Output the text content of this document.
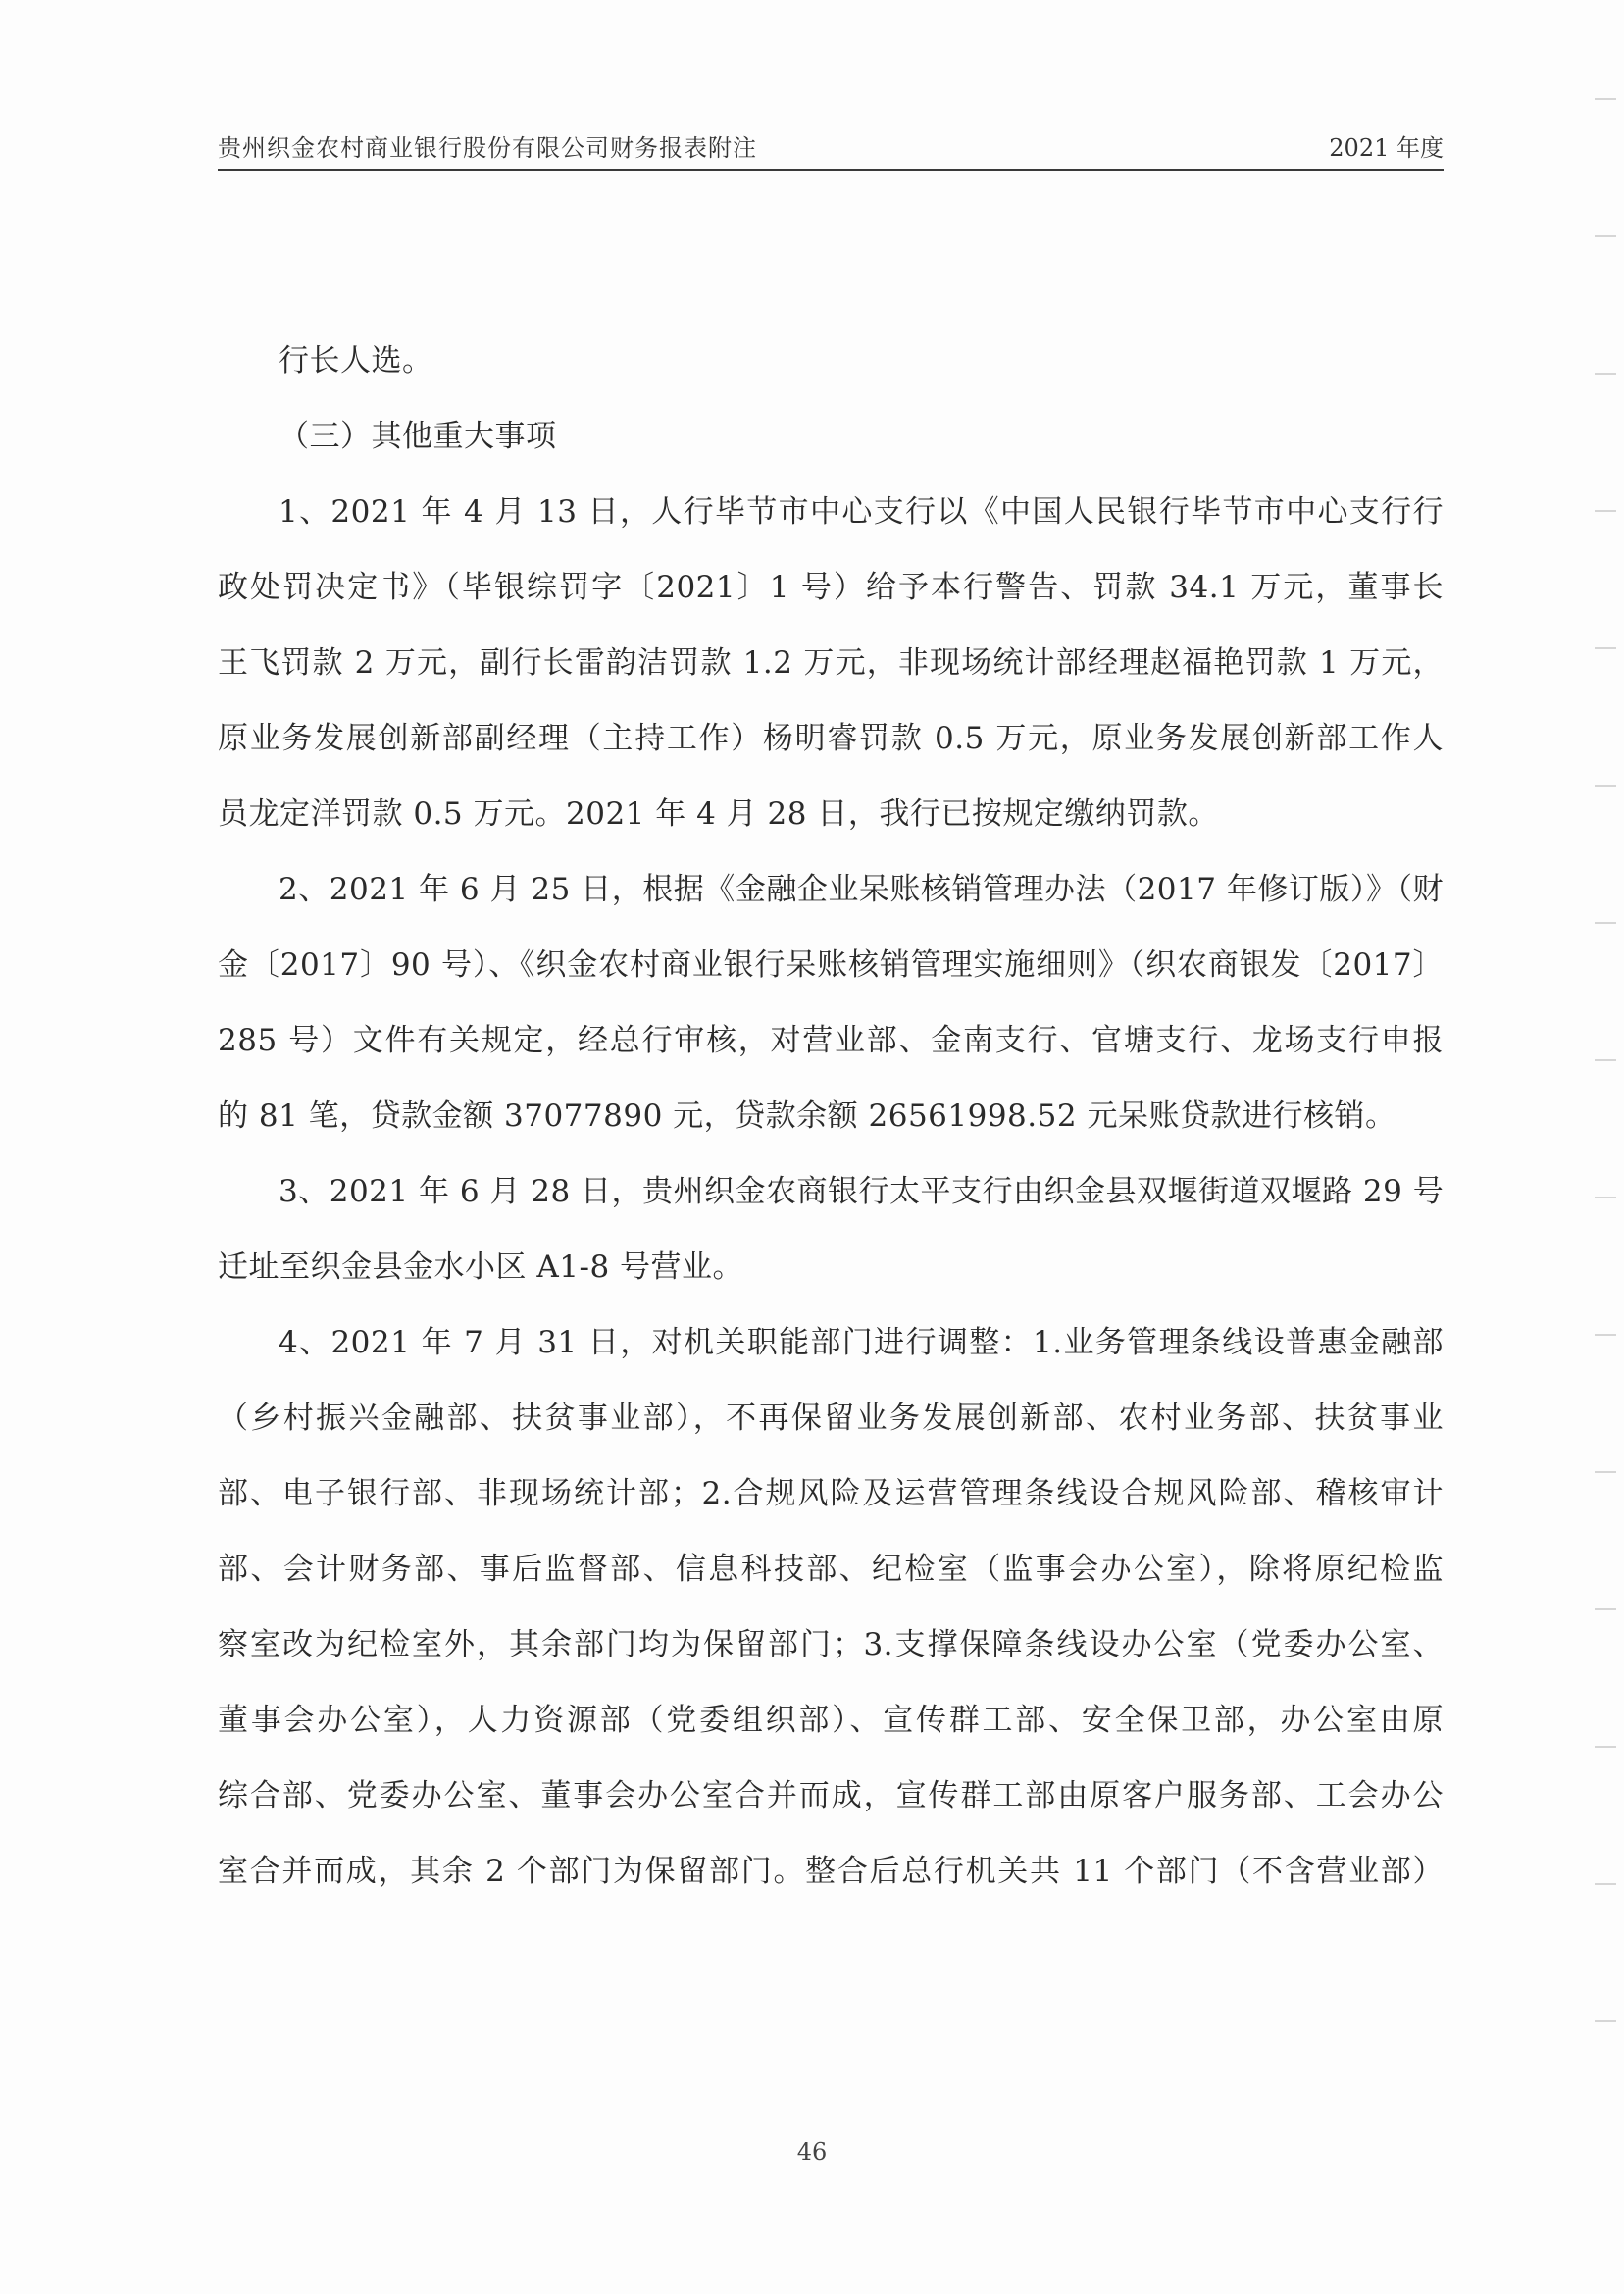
贵州织金农村商业银行股份有限公司财务报表附注	2021 年度
行长人选。
（三）其他重大事项
1、2021 年 4 月 13 日，人行毕节市中心支行以《中国人民银行毕节市中心支行行
政处罚决定书》（毕银综罚字〔2021〕1 号）给予本行警告、罚款 34.1 万元，董事长
王飞罚款 2 万元，副行长雷韵洁罚款 1.2 万元，非现场统计部经理赵福艳罚款 1 万元，
原业务发展创新部副经理（主持工作）杨明睿罚款 0.5 万元，原业务发展创新部工作人
员龙定洋罚款 0.5 万元。2021 年 4 月 28 日，我行已按规定缴纳罚款。
2、2021 年 6 月 25 日，根据《金融企业呆账核销管理办法（2017 年修订版）》（财
金〔2017〕90 号）、《织金农村商业银行呆账核销管理实施细则》（织农商银发〔2017〕
285 号）文件有关规定，经总行审核，对营业部、金南支行、官塘支行、龙场支行申报
的 81 笔，贷款金额 37077890 元，贷款余额 26561998.52 元呆账贷款进行核销。
3、2021 年 6 月 28 日，贵州织金农商银行太平支行由织金县双堰街道双堰路 29 号
迁址至织金县金水小区 A1-8 号营业。
4、2021 年 7 月 31 日，对机关职能部门进行调整：1.业务管理条线设普惠金融部
（乡村振兴金融部、扶贫事业部），不再保留业务发展创新部、农村业务部、扶贫事业
部、电子银行部、非现场统计部；2.合规风险及运营管理条线设合规风险部、稽核审计
部、会计财务部、事后监督部、信息科技部、纪检室（监事会办公室），除将原纪检监
察室改为纪检室外，其余部门均为保留部门；3.支撑保障条线设办公室（党委办公室、
董事会办公室），人力资源部（党委组织部）、宣传群工部、安全保卫部，办公室由原
综合部、党委办公室、董事会办公室合并而成，宣传群工部由原客户服务部、工会办公
室合并而成，其余 2 个部门为保留部门。整合后总行机关共 11 个部门（不含营业部）
46
